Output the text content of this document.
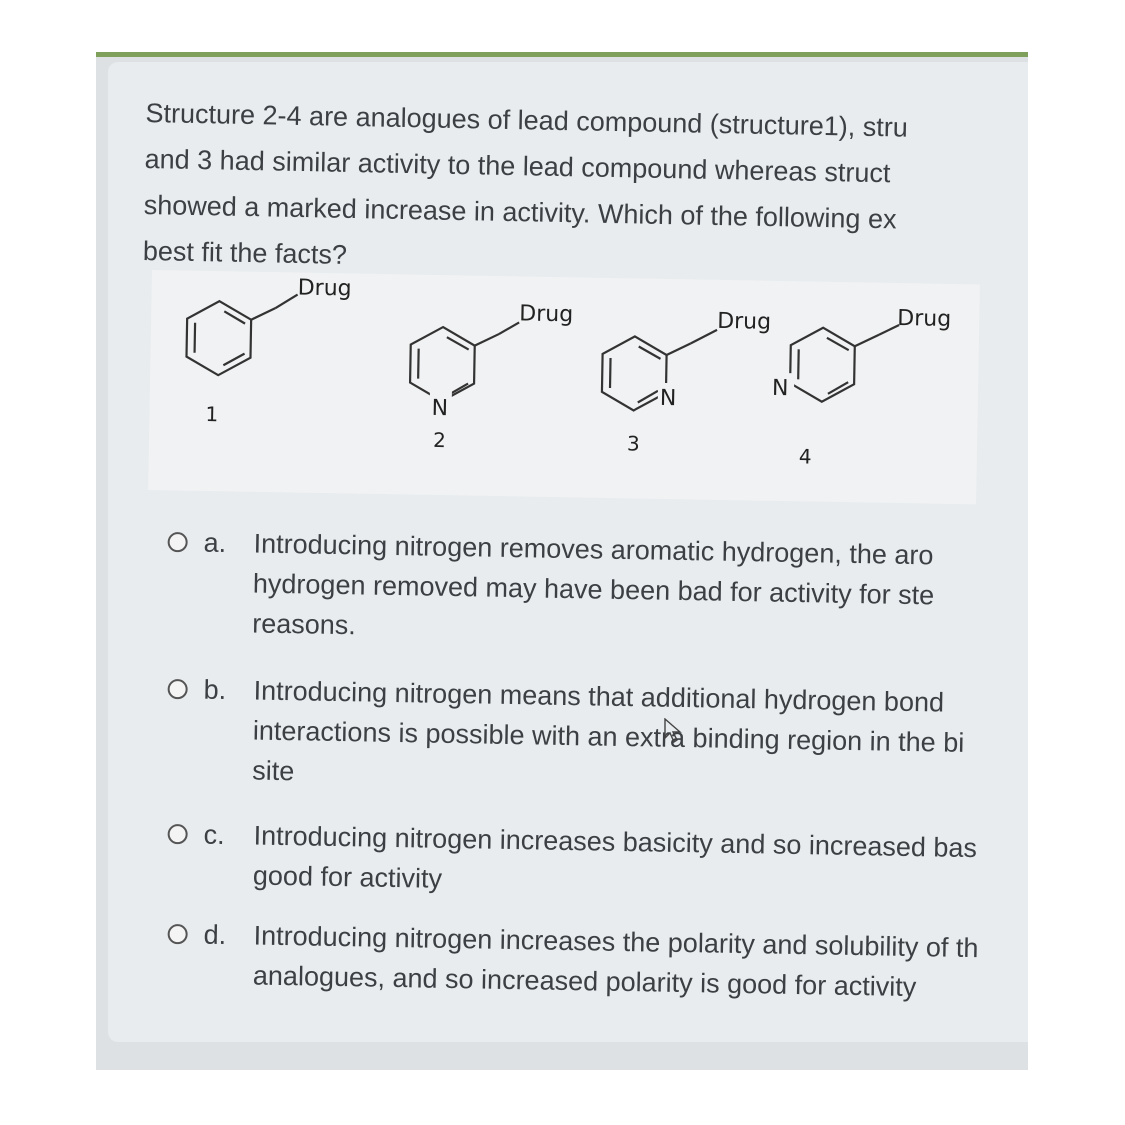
Structure 2-4 are analogues of lead compound (structure1), stru
and 3 had similar activity to the lead compound whereas struct
showed a marked increase in activity. Which of the following ex
best fit the facts?
Drug
1
Drug
N
2
Drug
N
3
Drug
N
4
a. Introducing nitrogen removes aromatic hydrogen, the aro
hydrogen removed may have been bad for activity for ste
reasons.
b. Introducing nitrogen means that additional hydrogen bond
interactions is possible with an extra binding region in the bi
site
c. Introducing nitrogen increases basicity and so increased bas
good for activity
d. Introducing nitrogen increases the polarity and solubility of th
analogues, and so increased polarity is good for activity
